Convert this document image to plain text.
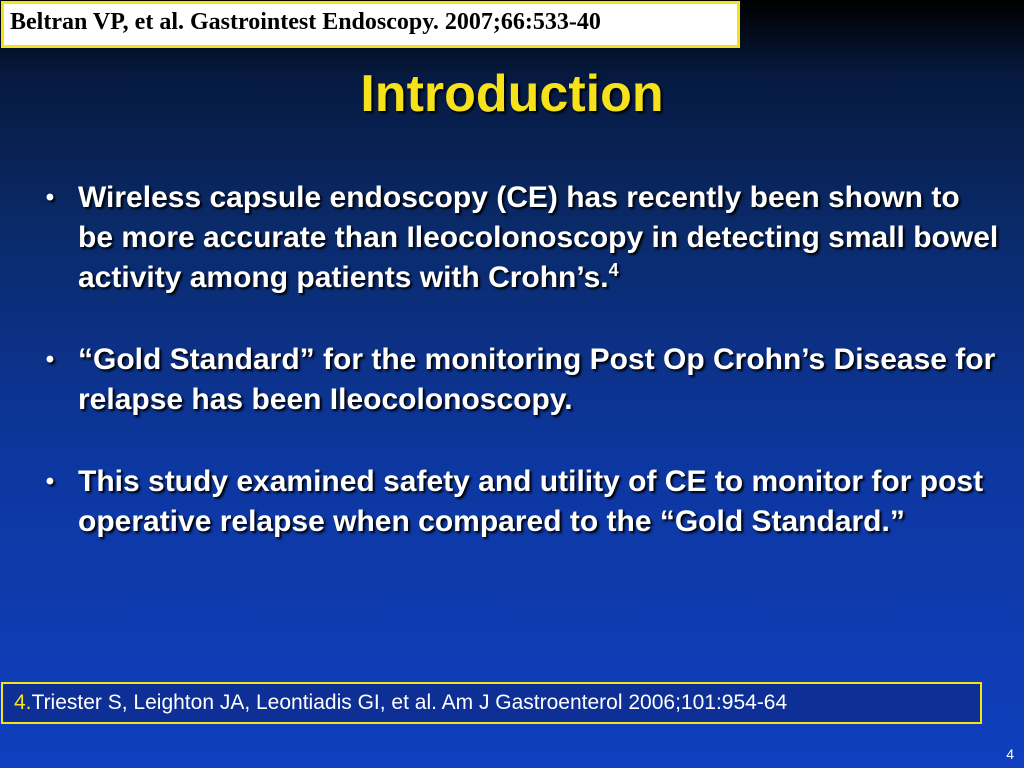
Beltran VP, et al. Gastrointest Endoscopy. 2007;66:533-40
Introduction
• Wireless capsule endoscopy (CE) has recently been shown to be more accurate than Ileocolonoscopy in detecting small bowel activity among patients with Crohn’s.$^4$
• “Gold Standard” for the monitoring Post Op Crohn’s Disease for relapse has been Ileocolonoscopy.
• This study examined safety and utility of CE to monitor for post operative relapse when compared to the “Gold Standard.”
4.Triester S, Leighton JA, Leontiadis GI, et al. Am J Gastroenterol 2006;101:954-64
4
